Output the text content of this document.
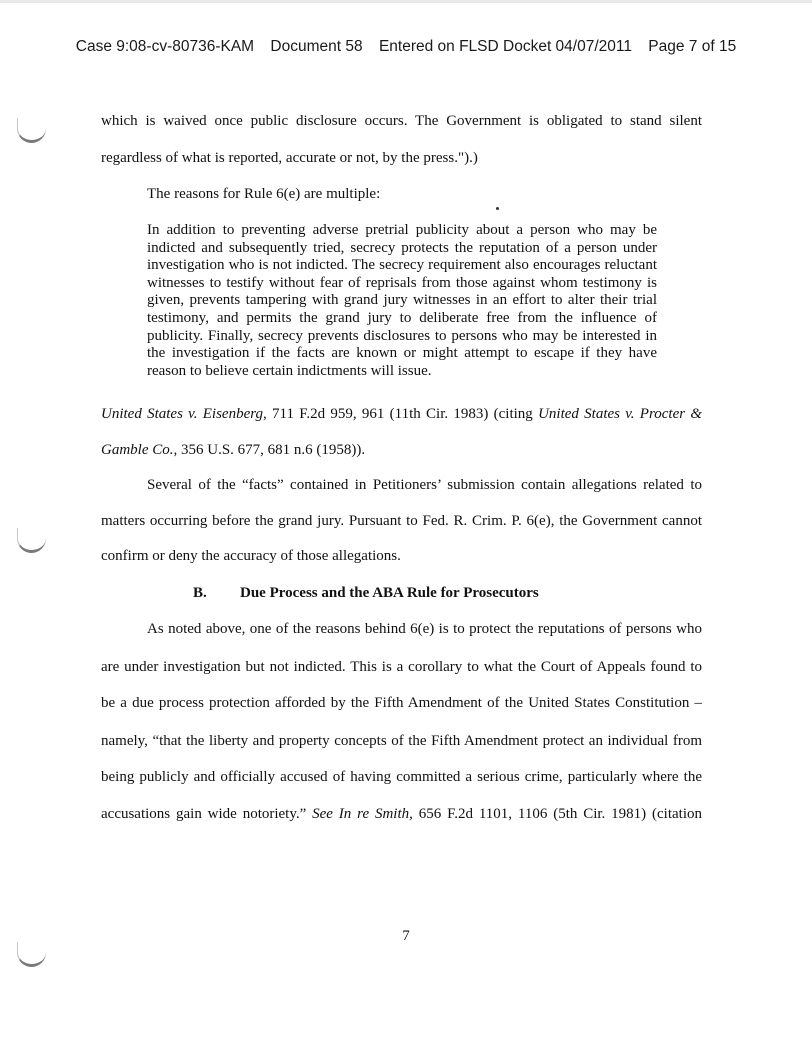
Case 9:08-cv-80736-KAM Document 58 Entered on FLSD Docket 04/07/2011 Page 7 of 15
which is waived once public disclosure occurs. The Government is obligated to stand silent
regardless of what is reported, accurate or not, by the press.").)
The reasons for Rule 6(e) are multiple:
In addition to preventing adverse pretrial publicity about a person who may be indicted and subsequently tried, secrecy protects the reputation of a person under investigation who is not indicted. The secrecy requirement also encourages reluctant witnesses to testify without fear of reprisals from those against whom testimony is given, prevents tampering with grand jury witnesses in an effort to alter their trial testimony, and permits the grand jury to deliberate free from the influence of publicity. Finally, secrecy prevents disclosures to persons who may be interested in the investigation if the facts are known or might attempt to escape if they have reason to believe certain indictments will issue.
United States v. Eisenberg, 711 F.2d 959, 961 (11th Cir. 1983) (citing United States v. Procter &
Gamble Co., 356 U.S. 677, 681 n.6 (1958)).
Several of the “facts” contained in Petitioners’ submission contain allegations related to
matters occurring before the grand jury. Pursuant to Fed. R. Crim. P. 6(e), the Government cannot
confirm or deny the accuracy of those allegations.
B. Due Process and the ABA Rule for Prosecutors
As noted above, one of the reasons behind 6(e) is to protect the reputations of persons who
are under investigation but not indicted. This is a corollary to what the Court of Appeals found to
be a due process protection afforded by the Fifth Amendment of the United States Constitution –
namely, “that the liberty and property concepts of the Fifth Amendment protect an individual from
being publicly and officially accused of having committed a serious crime, particularly where the
accusations gain wide notoriety.” See In re Smith, 656 F.2d 1101, 1106 (5th Cir. 1981) (citation
7
